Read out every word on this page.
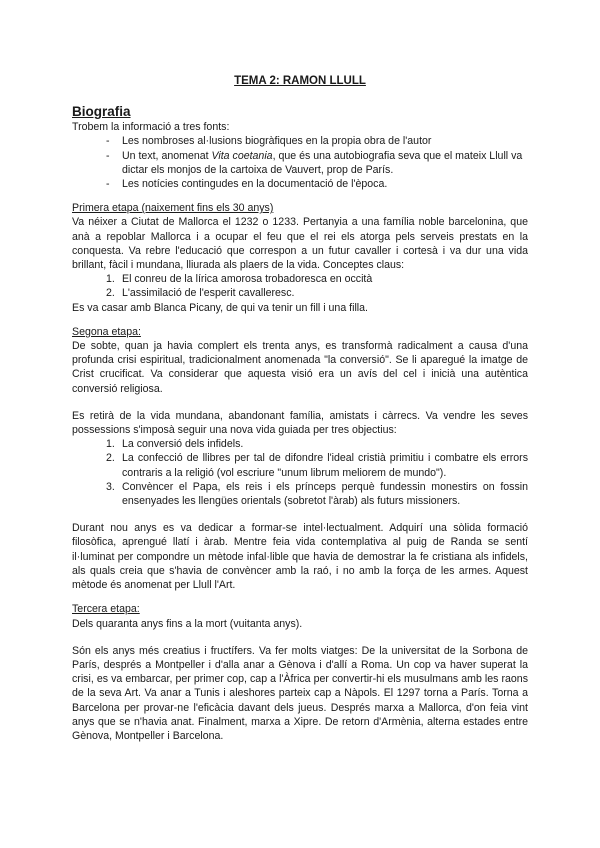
TEMA 2: RAMON LLULL

Biografia

Trobem la informació a tres fonts:

- Les nombroses al·lusions biogràfiques en la propia obra de l'autor
- Un text, anomenat Vita coetania, que és una autobiografia seva que el mateix Llull va dictar els monjos de la cartoixa de Vauvert, prop de París.
- Les notícies contingudes en la documentació de l'època.

Primera etapa (naixement fins els 30 anys)

Va néixer a Ciutat de Mallorca el 1232 o 1233. Pertanyia a una família noble barcelonina, que anà a repoblar Mallorca i a ocupar el feu que el rei els atorga pels serveis prestats en la conquesta. Va rebre l'educació que correspon a un futur cavaller i cortesà i va dur una vida brillant, fàcil i mundana, lliurada als plaers de la vida. Conceptes claus:

1. El conreu de la lírica amorosa trobadoresca en occità
2. L'assimilació de l'esperit cavalleresc.

Es va casar amb Blanca Picany, de qui va tenir un fill i una filla.

Segona etapa:

De sobte, quan ja havia complert els trenta anys, es transformà radicalment a causa d'una profunda crisi espiritual, tradicionalment anomenada "la conversió". Se li aparegué la imatge de Crist crucificat. Va considerar que aquesta visió era un avís del cel i inicià una autèntica conversió religiosa.

Es retirà de la vida mundana, abandonant família, amistats i càrrecs. Va vendre les seves possessions s'imposà seguir una nova vida guiada per tres objectius:

1. La conversió dels infidels.
2. La confecció de llibres per tal de difondre l'ideal cristià primitiu i combatre els errors contraris a la religió (vol escriure "unum librum meliorem de mundo").
3. Convèncer el Papa, els reis i els prínceps perquè fundessin monestirs on fossin ensenyades les llengües orientals (sobretot l'àrab) als futurs missioners.

Durant nou anys es va dedicar a formar-se intel·lectualment. Adquirí una sòlida formació filosòfica, aprengué llatí i àrab. Mentre feia vida contemplativa al puig de Randa se sentí il·luminat per compondre un mètode infal·lible que havia de demostrar la fe cristiana als infidels, als quals creia que s'havia de convèncer amb la raó, i no amb la força de les armes. Aquest mètode és anomenat per Llull l'Art.

Tercera etapa:

Dels quaranta anys fins a la mort (vuitanta anys).

Són els anys més creatius i fructífers. Va fer molts viatges: De la universitat de la Sorbona de París, després a Montpeller i d'alla anar a Gènova i d'allí a Roma. Un cop va haver superat la crisi, es va embarcar, per primer cop, cap a l'Àfrica per convertir-hi els musulmans amb les raons de la seva Art. Va anar a Tunis i aleshores parteix cap a Nàpols. El 1297 torna a París. Torna a Barcelona per provar-ne l'eficàcia davant dels jueus. Després marxa a Mallorca, d'on feia vint anys que se n'havia anat. Finalment, marxa a Xipre. De retorn d'Armènia, alterna estades entre Gènova, Montpeller i Barcelona.
